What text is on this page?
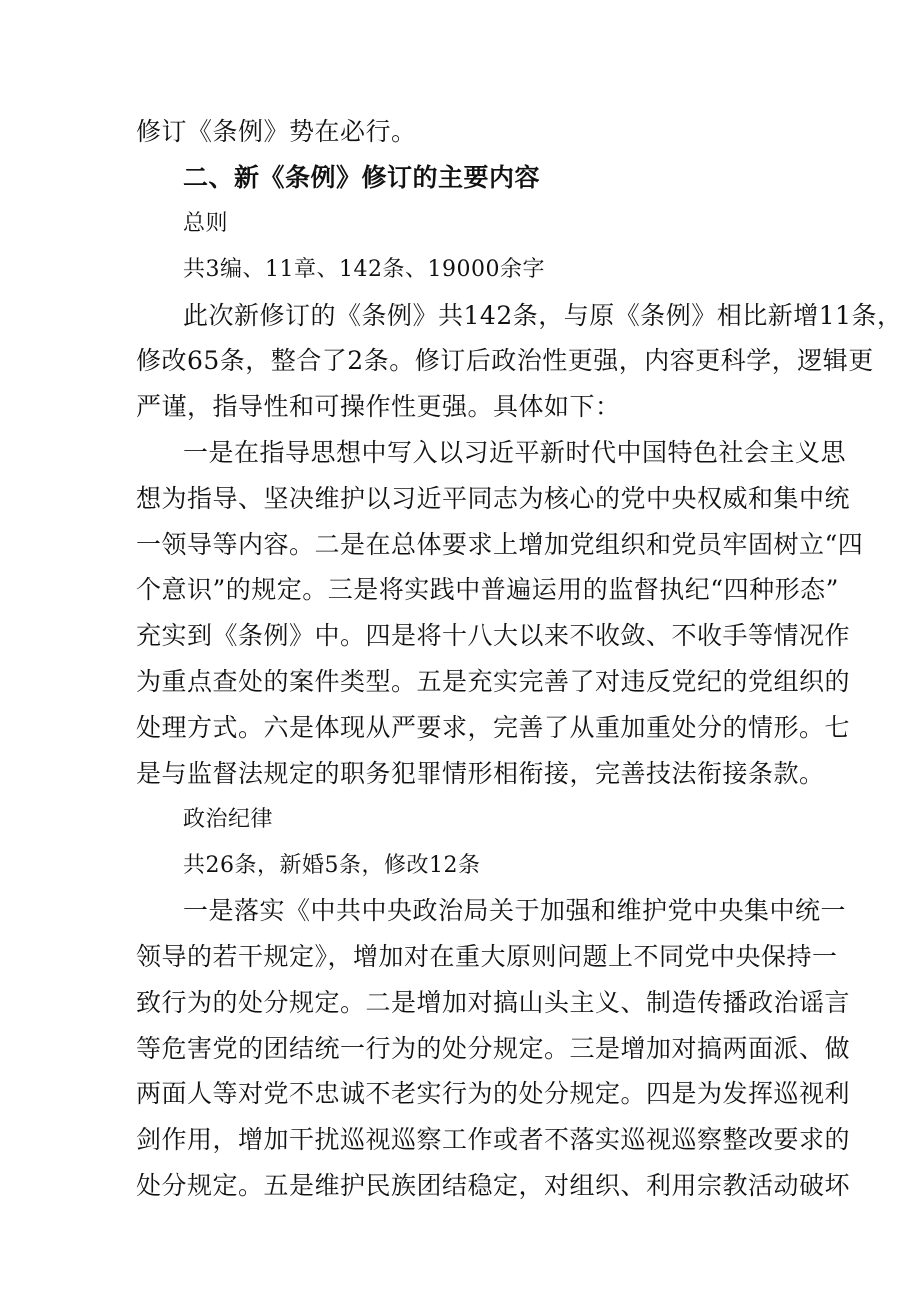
修订《条例》势在必行。
二、新《条例》修订的主要内容
总则
共3编、11章、142条、19000余字
此次新修订的《条例》共142条，与原《条例》相比新增11条，
修改65条，整合了2条。修订后政治性更强，内容更科学，逻辑更
严谨，指导性和可操作性更强。具体如下：
一是在指导思想中写入以习近平新时代中国特色社会主义思
想为指导、坚决维护以习近平同志为核心的党中央权威和集中统
一领导等内容。二是在总体要求上增加党组织和党员牢固树立“四
个意识”的规定。三是将实践中普遍运用的监督执纪“四种形态”
充实到《条例》中。四是将十八大以来不收敛、不收手等情况作
为重点查处的案件类型。五是充实完善了对违反党纪的党组织的
处理方式。六是体现从严要求，完善了从重加重处分的情形。七
是与监督法规定的职务犯罪情形相衔接，完善技法衔接条款。
政治纪律
共26条，新婚5条，修改12条
一是落实《中共中央政治局关于加强和维护党中央集中统一
领导的若干规定》，增加对在重大原则问题上不同党中央保持一
致行为的处分规定。二是增加对搞山头主义、制造传播政治谣言
等危害党的团结统一行为的处分规定。三是增加对搞两面派、做
两面人等对党不忠诚不老实行为的处分规定。四是为发挥巡视利
剑作用，增加干扰巡视巡察工作或者不落实巡视巡察整改要求的
处分规定。五是维护民族团结稳定，对组织、利用宗教活动破坏
